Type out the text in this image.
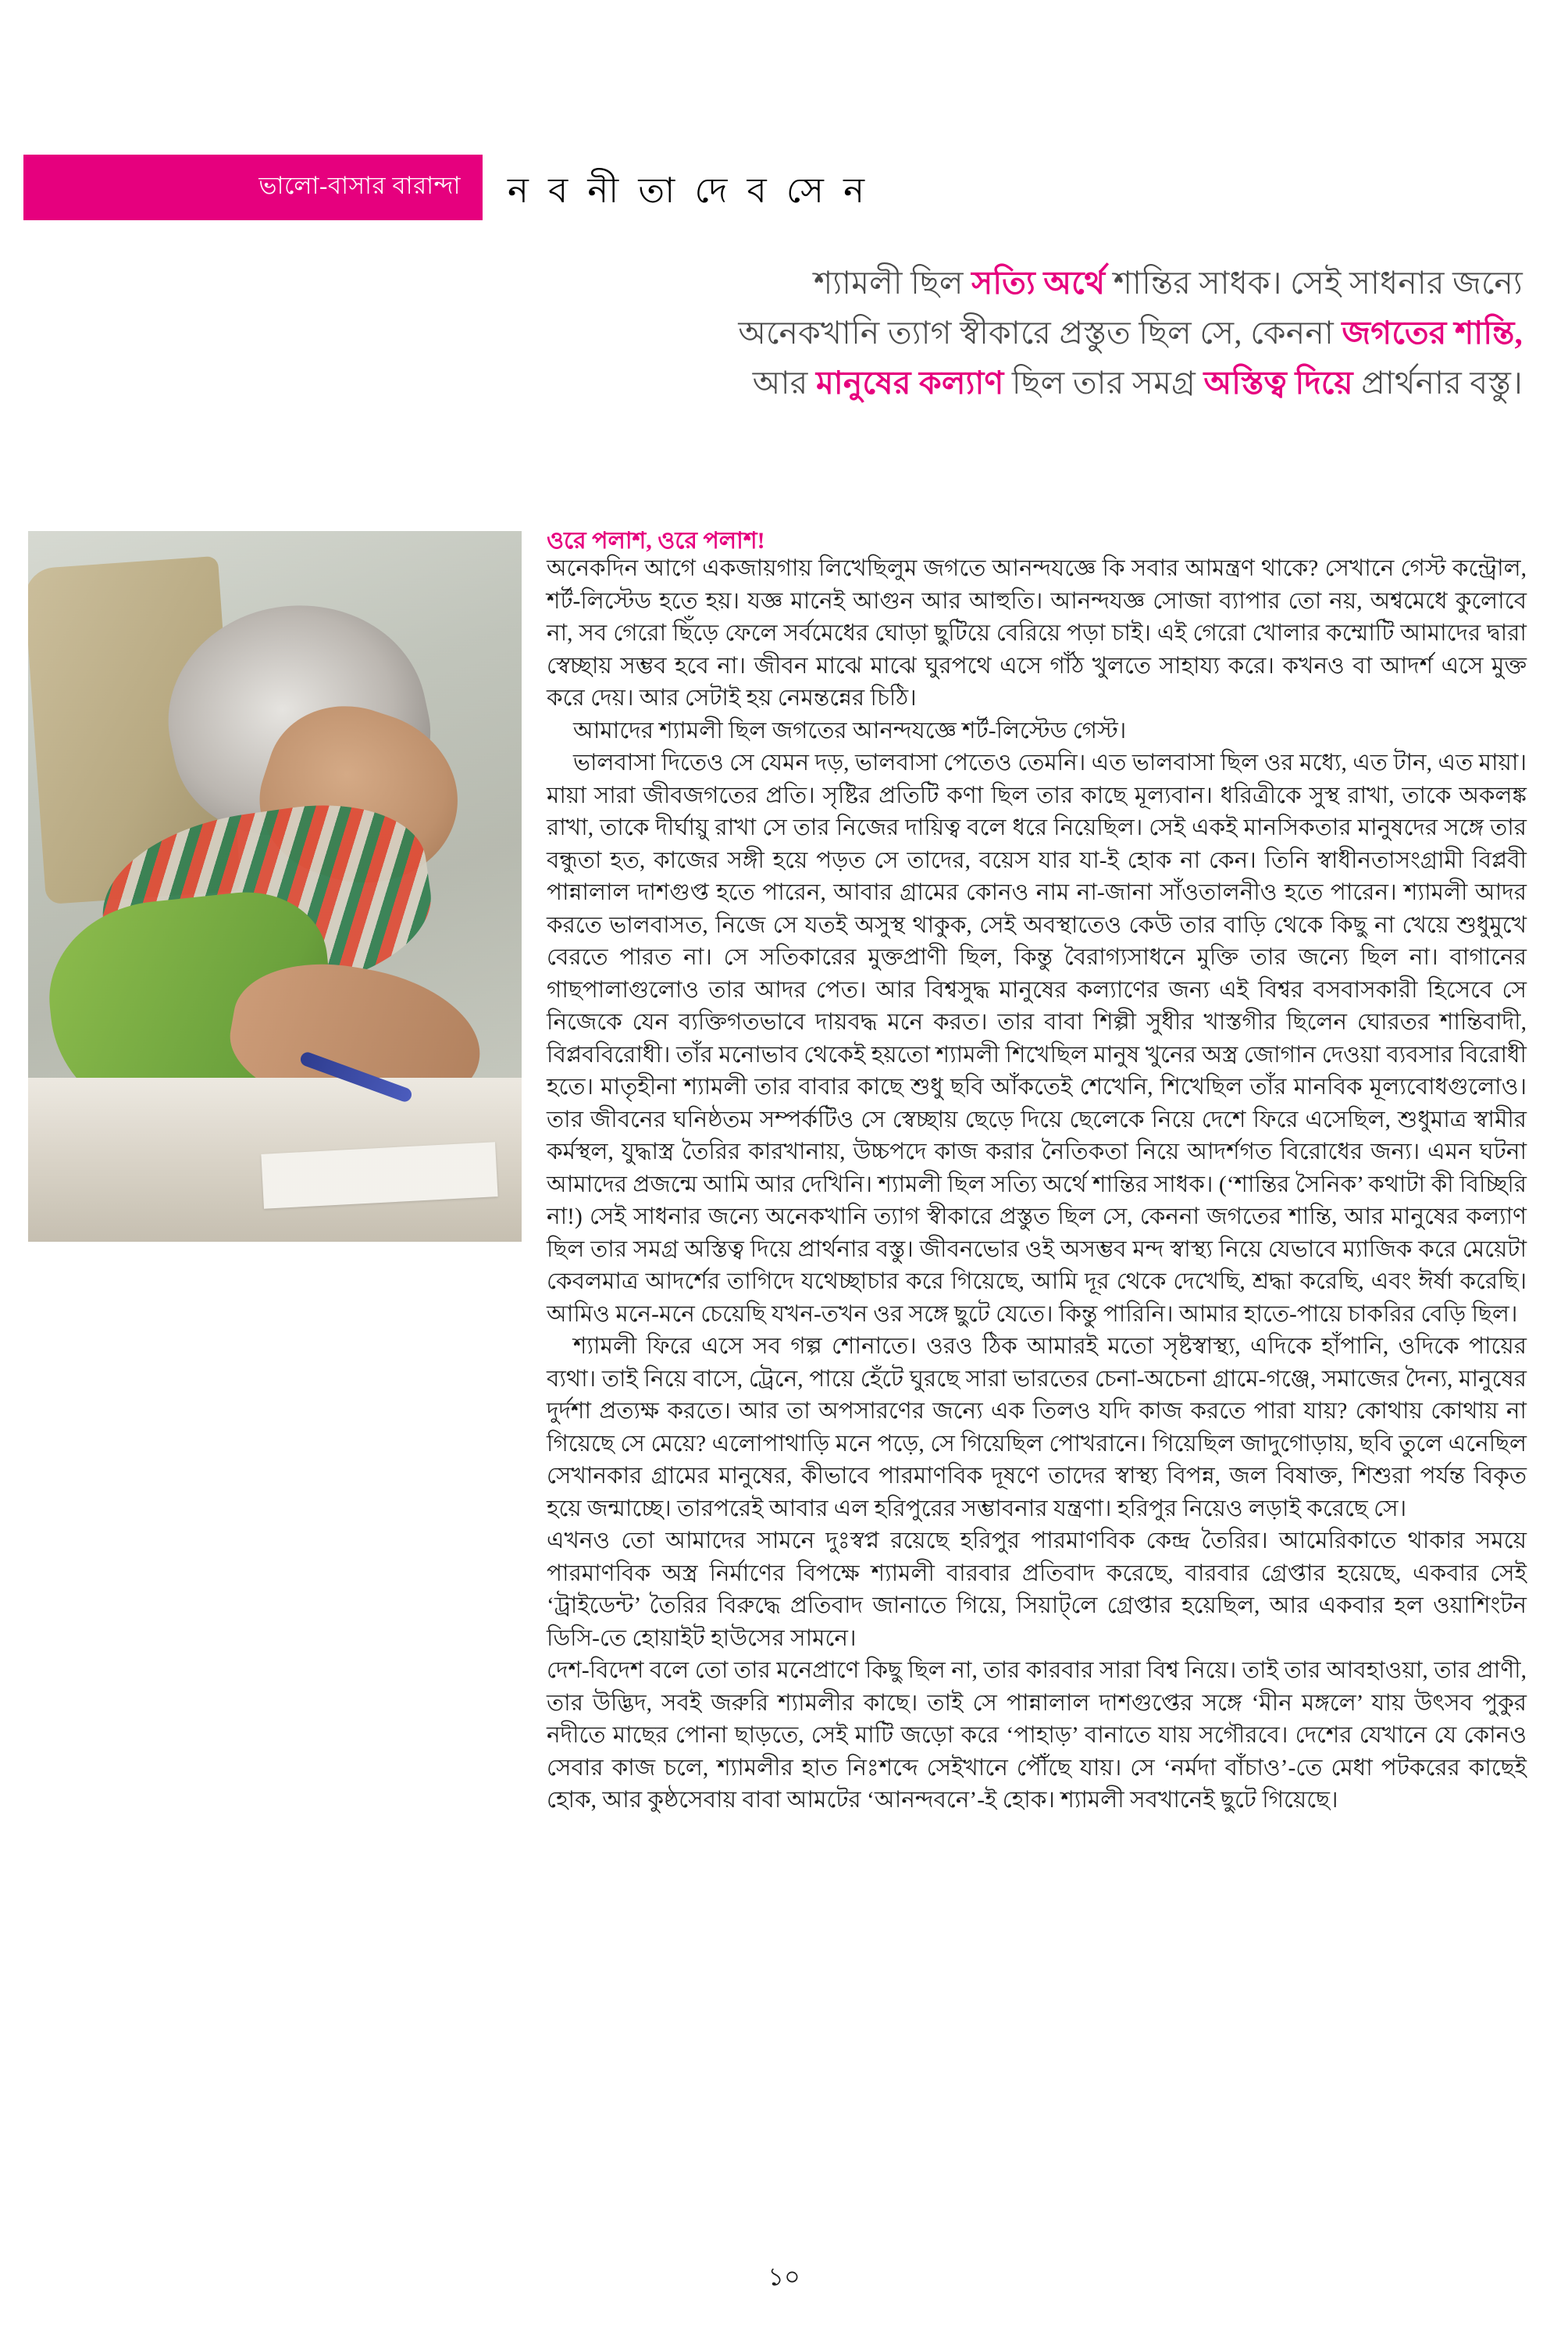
ভালো-বাসার বারান্দা ন ব নী তা দে ব সে ন
শ্যামলী ছিল সত্যি অর্থে শান্তির সাধক। সেই সাধনার জন্যে
অনেকখানি ত্যাগ স্বীকারে প্রস্তুত ছিল সে, কেননা জগতের শান্তি,
আর মানুষের কল্যাণ ছিল তার সমগ্র অস্তিত্ব দিয়ে প্রার্থনার বস্তু।
ওরে পলাশ, ওরে পলাশ!

অনেকদিন আগে একজায়গায় লিখেছিলুম জগতে আনন্দযজ্ঞে কি সবার আমন্ত্রণ থাকে? সেখানে গেস্ট কন্ট্রোল, শর্ট-লিস্টেড হতে হয়। যজ্ঞ মানেই আগুন আর আহুতি। আনন্দযজ্ঞ সোজা ব্যাপার তো নয়, অশ্বমেধে কুলোবে না, সব গেরো ছিঁড়ে ফেলে সর্বমেধের ঘোড়া ছুটিয়ে বেরিয়ে পড়া চাই। এই গেরো খোলার কম্মোটি আমাদের দ্বারা স্বেচ্ছায় সম্ভব হবে না। জীবন মাঝে মাঝে ঘুরপথে এসে গাঁঠ খুলতে সাহায্য করে। কখনও বা আদর্শ এসে মুক্ত করে দেয়। আর সেটাই হয় নেমন্তন্নের চিঠি।

আমাদের শ্যামলী ছিল জগতের আনন্দযজ্ঞে শর্ট-লিস্টেড গেস্ট।

ভালবাসা দিতেও সে যেমন দড়, ভালবাসা পেতেও তেমনি। এত ভালবাসা ছিল ওর মধ্যে, এত টান, এত মায়া। মায়া সারা জীবজগতের প্রতি। সৃষ্টির প্রতিটি কণা ছিল তার কাছে মূল্যবান। ধরিত্রীকে সুস্থ রাখা, তাকে অকলঙ্ক রাখা, তাকে দীর্ঘায়ু রাখা সে তার নিজের দায়িত্ব বলে ধরে নিয়েছিল। সেই একই মানসিকতার মানুষদের সঙ্গে তার বন্ধুতা হত, কাজের সঙ্গী হয়ে পড়ত সে তাদের, বয়েস যার যা-ই হোক না কেন। তিনি স্বাধীনতাসংগ্রামী বিপ্লবী পান্নালাল দাশগুপ্ত হতে পারেন, আবার গ্রামের কোনও নাম না-জানা সাঁওতালনীও হতে পারেন। শ্যামলী আদর করতে ভালবাসত, নিজে সে যতই অসুস্থ থাকুক, সেই অবস্থাতেও কেউ তার বাড়ি থেকে কিছু না খেয়ে শুধুমুখে বেরতে পারত না। সে সতিকারের মুক্তপ্রাণী ছিল, কিন্তু বৈরাগ্যসাধনে মুক্তি তার জন্যে ছিল না। বাগানের গাছপালাগুলোও তার আদর পেত। আর বিশ্বসুদ্ধ মানুষের কল্যাণের জন্য এই বিশ্বর বসবাসকারী হিসেবে সে নিজেকে যেন ব্যক্তিগতভাবে দায়বদ্ধ মনে করত। তার বাবা শিল্পী সুধীর খাস্তগীর ছিলেন ঘোরতর শান্তিবাদী, বিপ্লববিরোধী। তাঁর মনোভাব থেকেই হয়তো শ্যামলী শিখেছিল মানুষ খুনের অস্ত্র জোগান দেওয়া ব্যবসার বিরোধী হতে। মাতৃহীনা শ্যামলী তার বাবার কাছে শুধু ছবি আঁকতেই শেখেনি, শিখেছিল তাঁর মানবিক মূল্যবোধগুলোও। তার জীবনের ঘনিষ্ঠতম সম্পর্কটিও সে স্বেচ্ছায় ছেড়ে দিয়ে ছেলেকে নিয়ে দেশে ফিরে এসেছিল, শুধুমাত্র স্বামীর কর্মস্থল, যুদ্ধাস্ত্র তৈরির কারখানায়, উচ্চপদে কাজ করার নৈতিকতা নিয়ে আদর্শগত বিরোধের জন্য। এমন ঘটনা আমাদের প্রজন্মে আমি আর দেখিনি। শ্যামলী ছিল সত্যি অর্থে শান্তির সাধক। (‘শান্তির সৈনিক’ কথাটা কী বিচ্ছিরি না!) সেই সাধনার জন্যে অনেকখানি ত্যাগ স্বীকারে প্রস্তুত ছিল সে, কেননা জগতের শান্তি, আর মানুষের কল্যাণ ছিল তার সমগ্র অস্তিত্ব দিয়ে প্রার্থনার বস্তু। জীবনভোর ওই অসম্ভব মন্দ স্বাস্থ্য নিয়ে যেভাবে ম্যাজিক করে মেয়েটা কেবলমাত্র আদর্শের তাগিদে যথেচ্ছাচার করে গিয়েছে, আমি দূর থেকে দেখেছি, শ্রদ্ধা করেছি, এবং ঈর্ষা করেছি। আমিও মনে-মনে চেয়েছি যখন-তখন ওর সঙ্গে ছুটে যেতে। কিন্তু পারিনি। আমার হাতে-পায়ে চাকরির বেড়ি ছিল।

শ্যামলী ফিরে এসে সব গল্প শোনাতে। ওরও ঠিক আমারই মতো সৃষ্টস্বাস্থ্য, এদিকে হাঁপানি, ওদিকে পায়ের ব্যথা। তাই নিয়ে বাসে, ট্রেনে, পায়ে হেঁটে ঘুরছে সারা ভারতের চেনা-অচেনা গ্রামে-গঞ্জে, সমাজের দৈন্য, মানুষের দুর্দশা প্রত্যক্ষ করতে। আর তা অপসারণের জন্যে এক তিলও যদি কাজ করতে পারা যায়? কোথায় কোথায় না গিয়েছে সে মেয়ে? এলোপাথাড়ি মনে পড়ে, সে গিয়েছিল পোখরানে। গিয়েছিল জাদুগোড়ায়, ছবি তুলে এনেছিল সেখানকার গ্রামের মানুষের, কীভাবে পারমাণবিক দূষণে তাদের স্বাস্থ্য বিপন্ন, জল বিষাক্ত, শিশুরা পর্যন্ত বিকৃত হয়ে জন্মাচ্ছে। তারপরেই আবার এল হরিপুরের সম্ভাবনার যন্ত্রণা। হরিপুর নিয়েও লড়াই করেছে সে।

এখনও তো আমাদের সামনে দুঃস্বপ্ন রয়েছে হরিপুর পারমাণবিক কেন্দ্র তৈরির। আমেরিকাতে থাকার সময়ে পারমাণবিক অস্ত্র নির্মাণের বিপক্ষে শ্যামলী বারবার প্রতিবাদ করেছে, বারবার গ্রেপ্তার হয়েছে, একবার সেই ‘ট্রাইডেন্ট’ তৈরির বিরুদ্ধে প্রতিবাদ জানাতে গিয়ে, সিয়াট্‌লে গ্রেপ্তার হয়েছিল, আর একবার হল ওয়াশিংটন ডিসি-তে হোয়াইট হাউসের সামনে।

দেশ-বিদেশ বলে তো তার মনেপ্রাণে কিছু ছিল না, তার কারবার সারা বিশ্ব নিয়ে। তাই তার আবহাওয়া, তার প্রাণী, তার উদ্ভিদ, সবই জরুরি শ্যামলীর কাছে। তাই সে পান্নালাল দাশগুপ্তের সঙ্গে ‘মীন মঙ্গলে’ যায় উৎসব পুকুর নদীতে মাছের পোনা ছাড়তে, সেই মাটি জড়ো করে ‘পাহাড়’ বানাতে যায় সগৌরবে। দেশের যেখানে যে কোনও সেবার কাজ চলে, শ্যামলীর হাত নিঃশব্দে সেইখানে পৌঁছে যায়। সে ‘নর্মদা বাঁচাও’-তে মেধা পটকরের কাছেই হোক, আর কুষ্ঠসেবায় বাবা আমটের ‘আনন্দবনে’-ই হোক। শ্যামলী সবখানেই ছুটে গিয়েছে।

১০
